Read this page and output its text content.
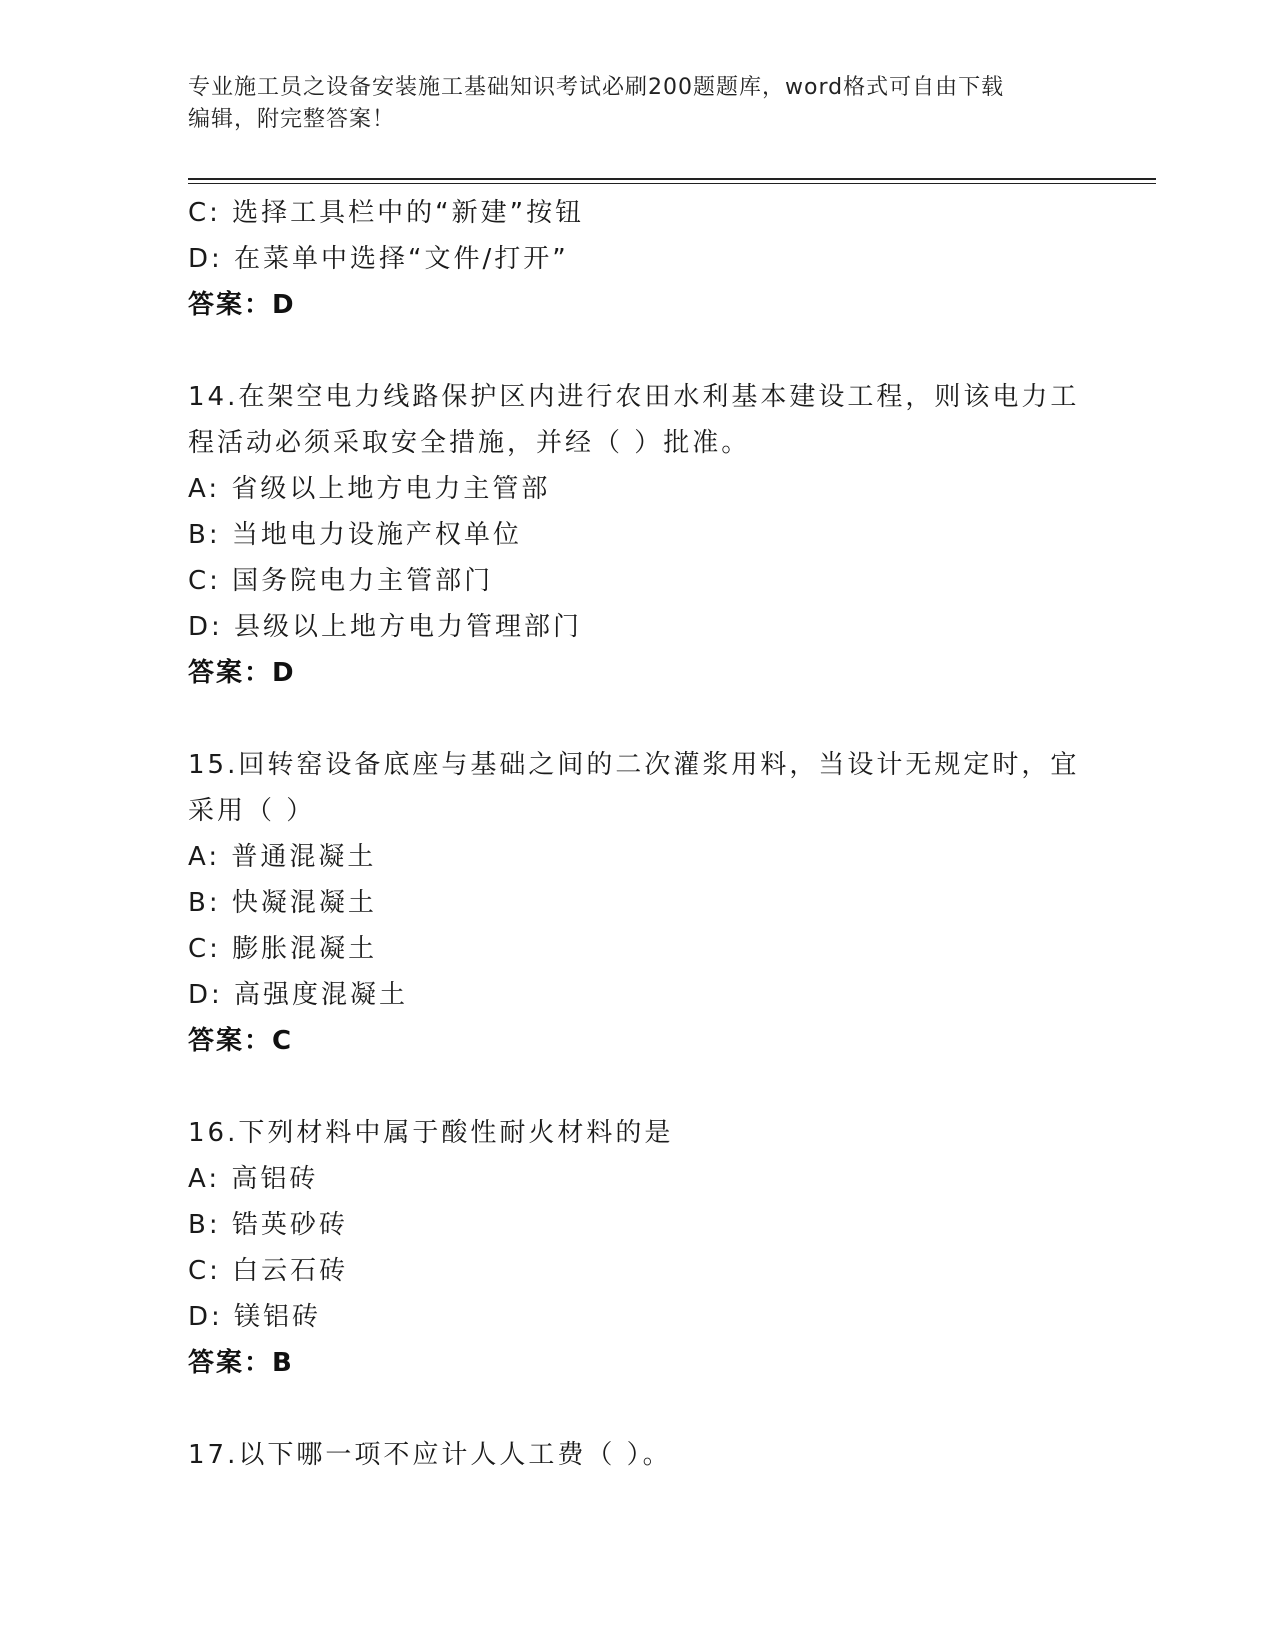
专业施工员之设备安装施工基础知识考试必刷200题题库，word格式可自由下载
编辑，附完整答案！
C: 选择工具栏中的“新建”按钮
D: 在菜单中选择“文件/打开”
答案：D
14.在架空电力线路保护区内进行农田水利基本建设工程，则该电力工
程活动必须采取安全措施，并经（ ）批准。
A: 省级以上地方电力主管部
B: 当地电力设施产权单位
C: 国务院电力主管部门
D: 县级以上地方电力管理部门
答案：D
15.回转窑设备底座与基础之间的二次灌浆用料，当设计无规定时，宜
采用（ ）
A: 普通混凝土
B: 快凝混凝土
C: 膨胀混凝土
D: 高强度混凝土
答案：C
16.下列材料中属于酸性耐火材料的是
A: 高铝砖
B: 锆英砂砖
C: 白云石砖
D: 镁铝砖
答案：B
17.以下哪一项不应计人人工费（ ）。
